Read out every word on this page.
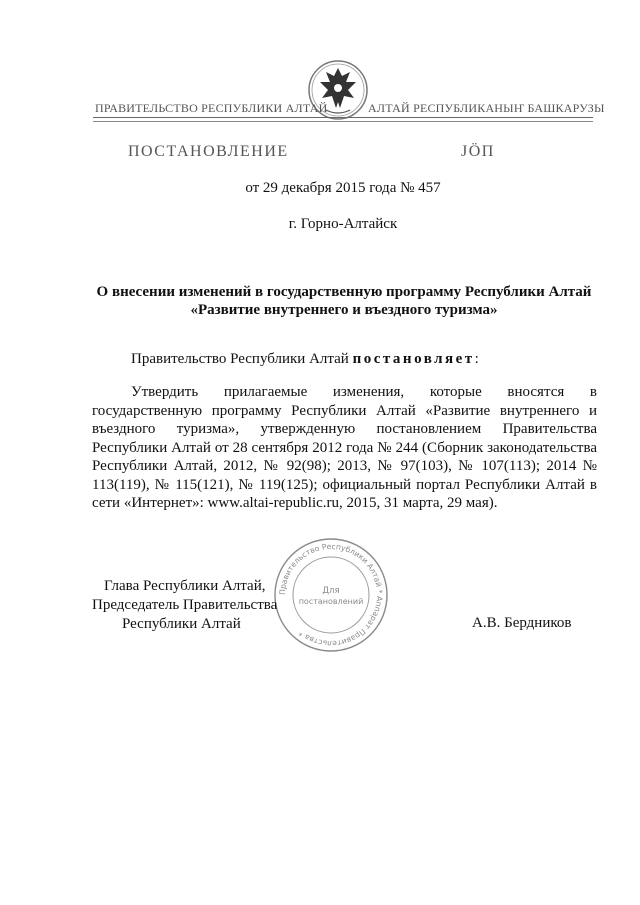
ПРАВИТЕЛЬСТВО РЕСПУБЛИКИ АЛТАЙ	АЛТАЙ РЕСПУБЛИКАНЫҤ БАШКАРУЗЫ
ПОСТАНОВЛЕНИЕ	JÖП
от 29 декабря 2015 года № 457
г. Горно-Алтайск
О внесении изменений в государственную программу Республики Алтай
«Развитие внутреннего и въездного туризма»
Правительство Республики Алтай постановляет:
Утвердить прилагаемые изменения, которые вносятся в государственную программу Республики Алтай «Развитие внутреннего и въездного туризма», утвержденную постановлением Правительства Республики Алтай от 28 сентября 2012 года № 244 (Сборник законодательства Республики Алтай, 2012, № 92(98); 2013, № 97(103), № 107(113); 2014 № 113(119), № 115(121), № 119(125); официальный портал Республики Алтай в сети «Интернет»: www.altai-republic.ru, 2015, 31 марта, 29 мая).
Правительство Республики Алтай * Аппарат Правительства *
Для
постановлений
Глава Республики Алтай,
Председатель Правительства
Республики Алтай	А.В. Бердников
